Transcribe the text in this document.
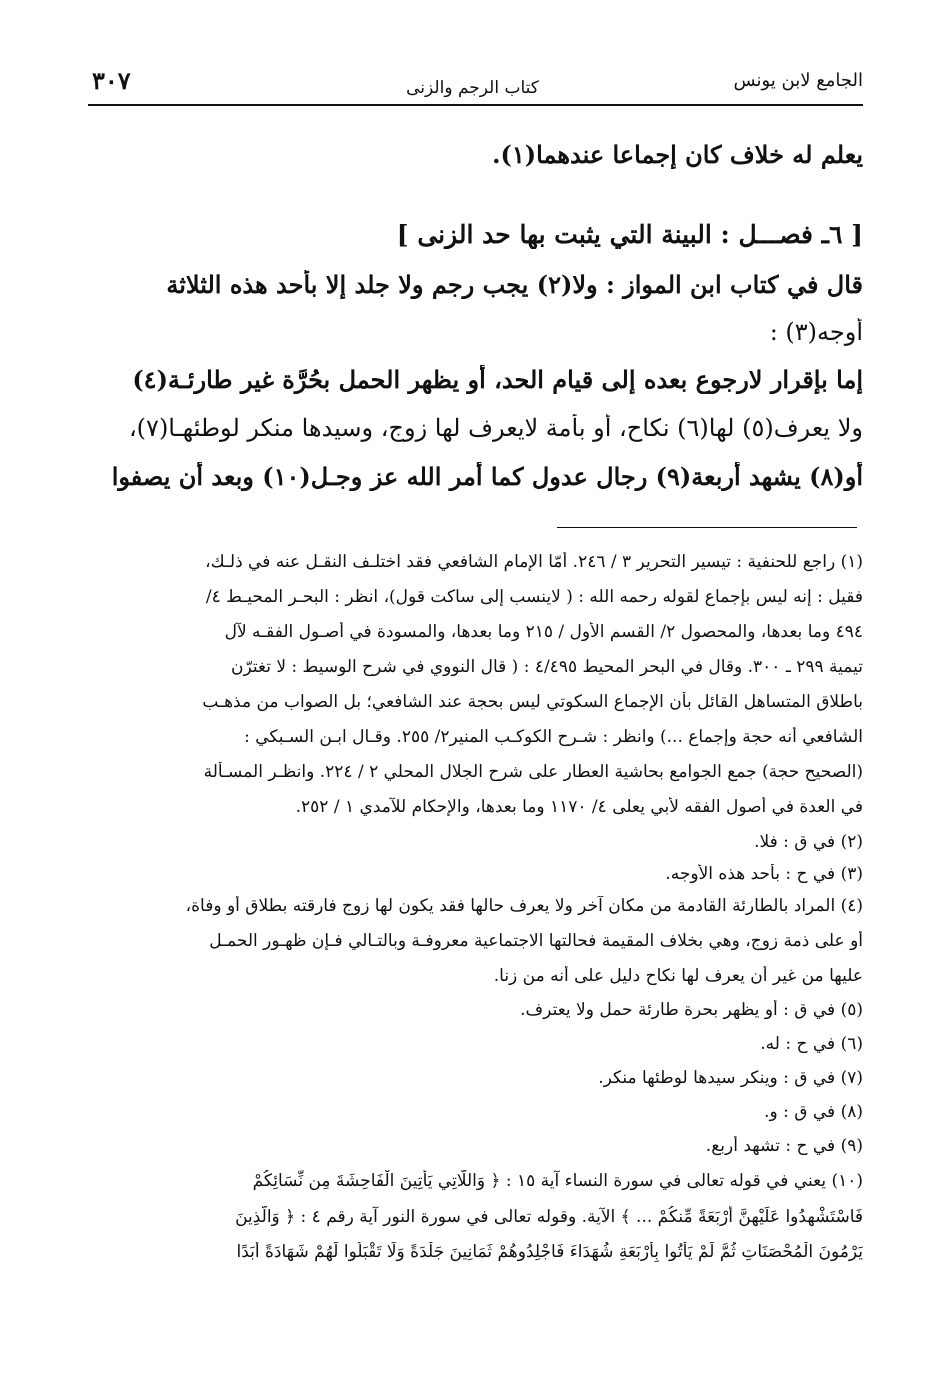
الجامع لابن يونس
كتاب الرجم والزنى
٣٠٧
يعلم له خلاف كان إجماعا عندهما(١).
[ ٦ـ فصـــل : البينة التي يثبت بها حد الزنى ]
قال في كتاب ابن المواز : ولا(٢) يجب رجم ولا جلد إلا بأحد هذه الثلاثة
أوجه(٣) :
إما بإقرار لارجوع بعده إلى قيام الحد، أو يظهر الحمل بحُرَّة غير طارئـة(٤)
ولا يعرف(٥) لها(٦) نكاح، أو بأمة لايعرف لها زوج، وسيدها منكر لوطئهـا(٧)،
أو(٨) يشهد أربعة(٩) رجال عدول كما أمر الله عز وجـل(١٠) وبعد أن يصفوا
(١) راجع للحنفية : تيسير التحرير ٣ / ٢٤٦. أمّا الإمام الشافعي فقد اختلـف النقـل عنه في ذلـك،
فقيل : إنه ليس بإجماع لقوله رحمه الله : ( لاينسب إلى ساكت قول)، انظر : البحـر المحيـط ٤/
٤٩٤ وما بعدها، والمحصول ٢/ القسم الأول / ٢١٥ وما بعدها، والمسودة في أصـول الفقـه لآل
تيمية ٢٩٩ ـ ٣٠٠. وقال في البحر المحيط ٤/٤٩٥ : ( قال النووي في شرح الوسيط : لا تغترّن
باطلاق المتساهل القائل بأن الإجماع السكوتي ليس بحجة عند الشافعي؛ بل الصواب من مذهـب
الشافعي أنه حجة وإجماع ...) وانظر : شـرح الكوكـب المنير٢/ ٢٥٥. وقـال ابـن السـبكي :
(الصحيح حجة) جمع الجوامع بحاشية العطار على شرح الجلال المحلي ٢ / ٢٢٤. وانظـر المسـألة
في العدة في أصول الفقه لأبي يعلى ٤/ ١١٧٠ وما بعدها، والإحكام للآمدي ١ / ٢٥٢.
(٢) في ق : فلا.
(٣) في ح : بأحد هذه الأوجه.
(٤) المراد بالطارئة القادمة من مكان آخر ولا يعرف حالها فقد يكون لها زوج فارقته بطلاق أو وفاة،
أو على ذمة زوج، وهي بخلاف المقيمة فحالتها الاجتماعية معروفـة وبالتـالي فـإن ظهـور الحمـل
عليها من غير أن يعرف لها نكاح دليل على أنه من زنا.
(٥) في ق : أو يظهر بحرة طارئة حمل ولا يعترف.
(٦) في ح : له.
(٧) في ق : وينكر سيدها لوطئها منكر.
(٨) في ق : و.
(٩) في ح : تشهد أربع.
(١٠) يعني في قوله تعالى في سورة النساء آية ١٥ : ﴿ وَاللَّاتِي يَأْتِينَ الْفَاحِشَةَ مِن نِّسَائِكُمْ
فَاسْتَشْهِدُوا عَلَيْهِنَّ أَرْبَعَةً مِّنكُمْ ... ﴾ الآية. وقوله تعالى في سورة النور آية رقم ٤ : ﴿ وَالَّذِينَ
يَرْمُونَ الْمُحْصَنَاتِ ثُمَّ لَمْ يَأْتُوا بِأَرْبَعَةِ شُهَدَاءَ فَاجْلِدُوهُمْ ثَمَانِينَ جَلْدَةً وَلَا تَقْبَلُوا لَهُمْ شَهَادَةً أَبَدًا
